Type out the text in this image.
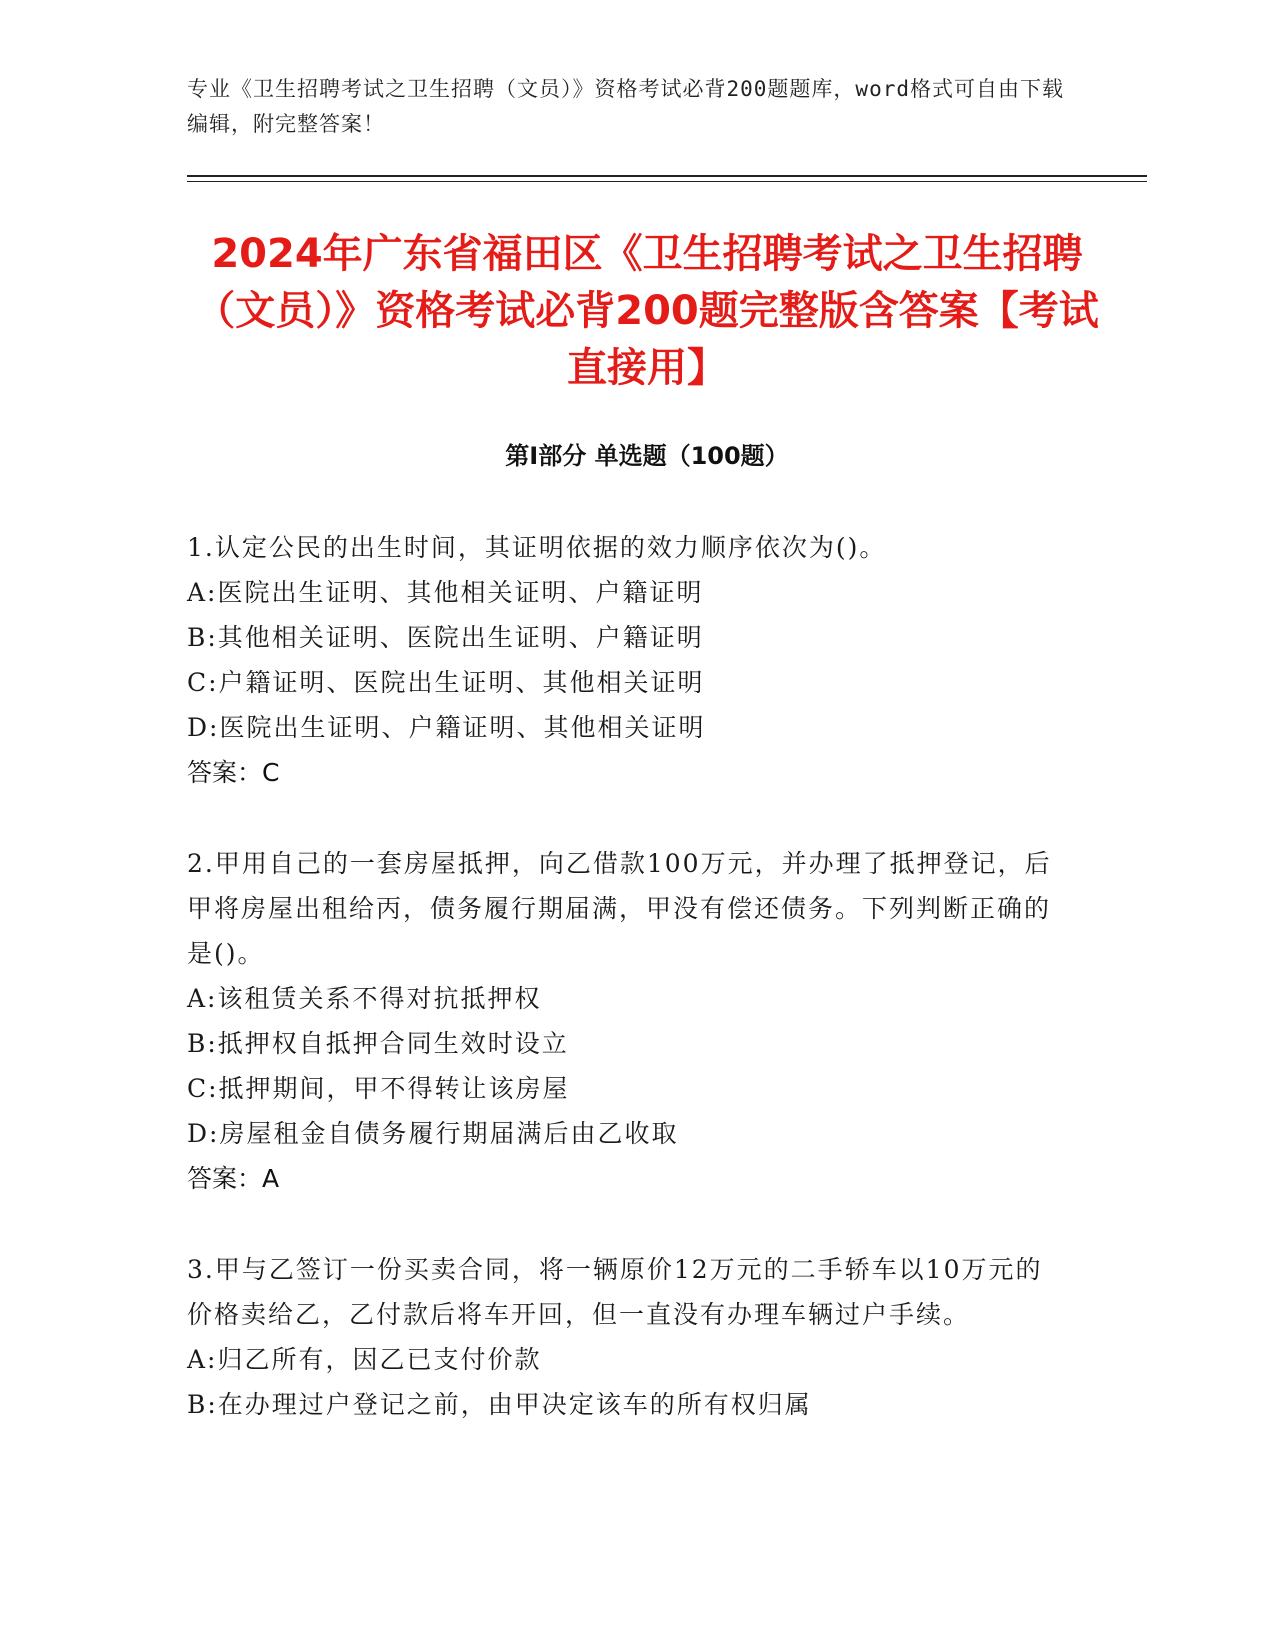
专业《卫生招聘考试之卫生招聘（文员）》资格考试必背200题题库，word格式可自由下载编辑，附完整答案！
2024年广东省福田区《卫生招聘考试之卫生招聘（文员）》资格考试必背200题完整版含答案【考试直接用】
第Ⅰ部分 单选题（100题）
1.认定公民的出生时间，其证明依据的效力顺序依次为()。
A:医院出生证明、其他相关证明、户籍证明
B:其他相关证明、医院出生证明、户籍证明
C:户籍证明、医院出生证明、其他相关证明
D:医院出生证明、户籍证明、其他相关证明
答案：C
2.甲用自己的一套房屋抵押，向乙借款100万元，并办理了抵押登记，后甲将房屋出租给丙，债务履行期届满，甲没有偿还债务。下列判断正确的是()。
A:该租赁关系不得对抗抵押权
B:抵押权自抵押合同生效时设立
C:抵押期间，甲不得转让该房屋
D:房屋租金自债务履行期届满后由乙收取
答案：A
3.甲与乙签订一份买卖合同，将一辆原价12万元的二手轿车以10万元的价格卖给乙，乙付款后将车开回，但一直没有办理车辆过户手续。
A:归乙所有，因乙已支付价款
B:在办理过户登记之前，由甲决定该车的所有权归属
